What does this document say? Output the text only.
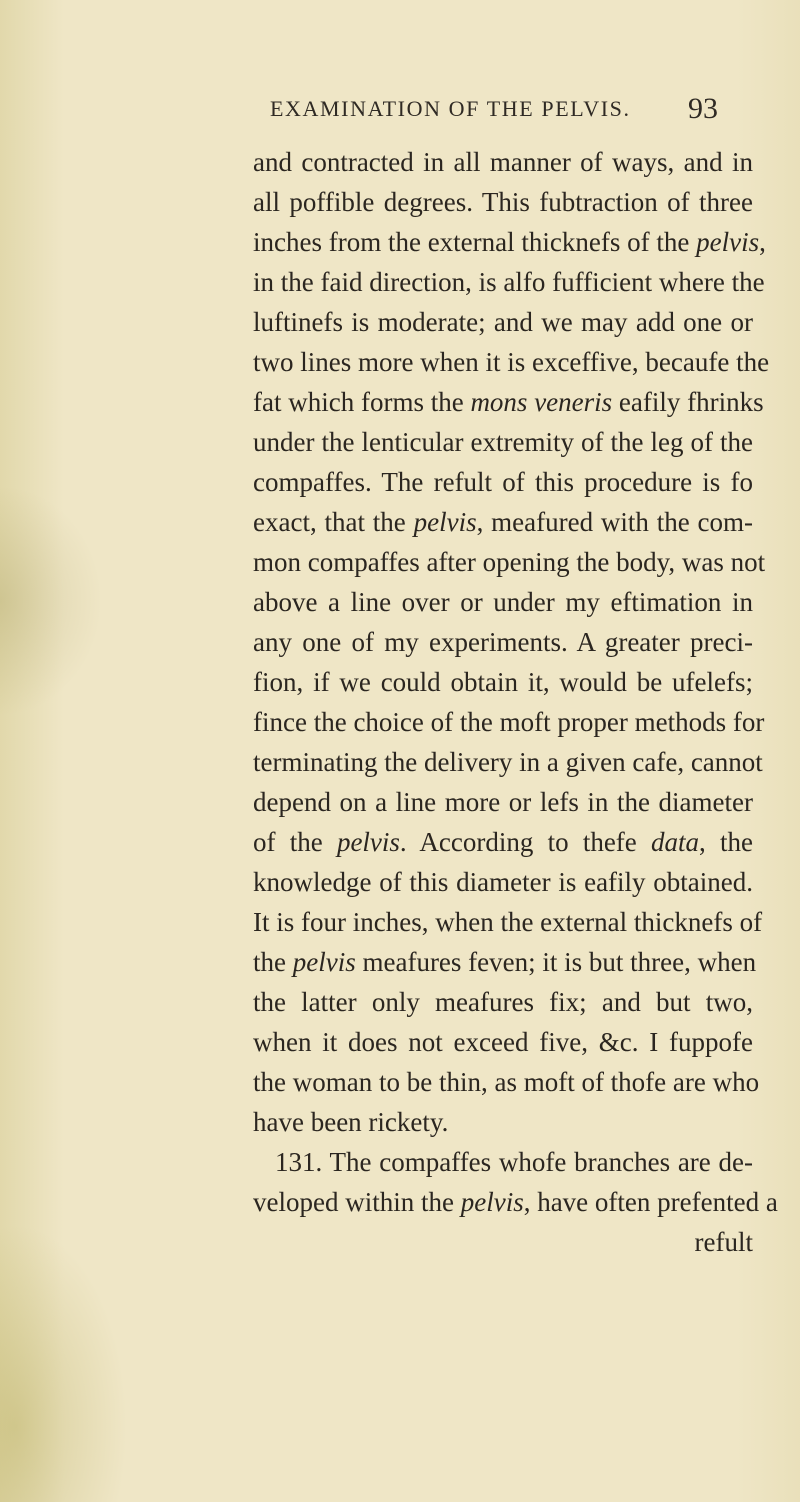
EXAMINATION OF THE PELVIS. 93
and contracted in all manner of ways, and in
all poffible degrees. This fubtraction of three
inches from the external thicknefs of the pelvis,
in the faid direction, is alfo fufficient where the
luftinefs is moderate; and we may add one or
two lines more when it is exceffive, becaufe the
fat which forms the mons veneris eafily fhrinks
under the lenticular extremity of the leg of the
compaffes. The refult of this procedure is fo
exact, that the pelvis, meafured with the com-
mon compaffes after opening the body, was not
above a line over or under my eftimation in
any one of my experiments. A greater preci-
fion, if we could obtain it, would be ufelefs;
fince the choice of the moft proper methods for
terminating the delivery in a given cafe, cannot
depend on a line more or lefs in the diameter
of the pelvis. According to thefe data, the
knowledge of this diameter is eafily obtained.
It is four inches, when the external thicknefs of
the pelvis meafures feven; it is but three, when
the latter only meafures fix; and but two,
when it does not exceed five, &c. I fuppofe
the woman to be thin, as moft of thofe are who
have been rickety.
131. The compaffes whofe branches are de-
veloped within the pelvis, have often prefented a
refult
